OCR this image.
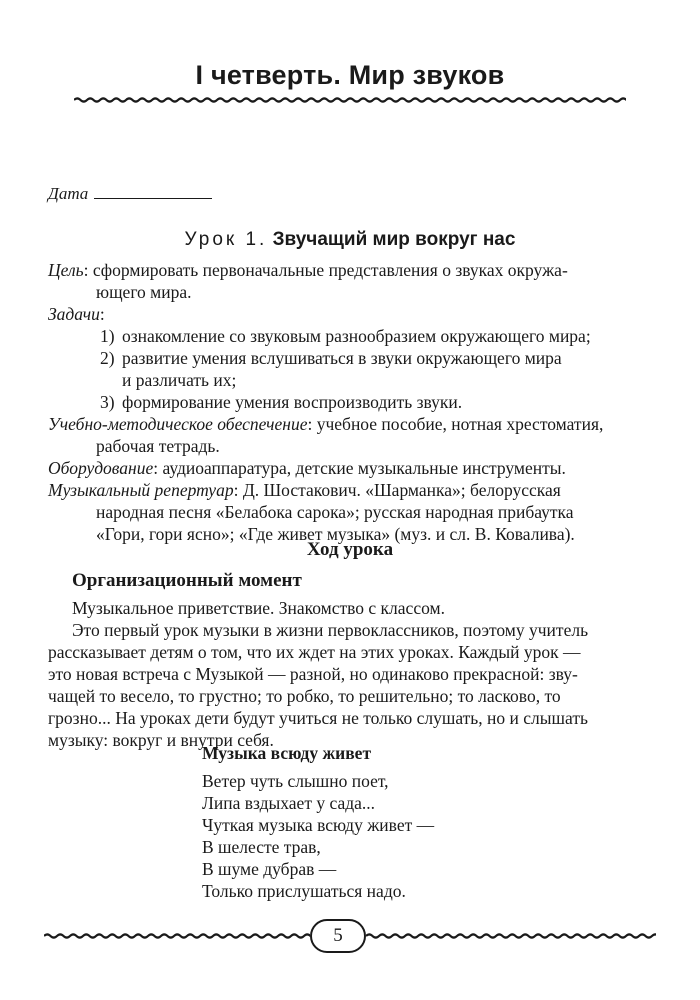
I четверть. Мир звуков
Дата
Урок 1. Звучащий мир вокруг нас
Цель: сформировать первоначальные представления о звуках окружа-
ющего мира.
Задачи:
1) ознакомление со звуковым разнообразием окружающего мира;
2) развитие умения вслушиваться в звуки окружающего мира
и различать их;
3) формирование умения воспроизводить звуки.
Учебно-методическое обеспечение: учебное пособие, нотная хрестоматия,
рабочая тетрадь.
Оборудование: аудиоаппаратура, детские музыкальные инструменты.
Музыкальный репертуар: Д. Шостакович. «Шарманка»; белорусская
народная песня «Белабока сарока»; русская народная прибаутка
«Гори, гори ясно»; «Где живет музыка» (муз. и сл. В. Ковалива).
Ход урока
Организационный момент
Музыкальное приветствие. Знакомство с классом.
Это первый урок музыки в жизни первоклассников, поэтому учитель
рассказывает детям о том, что их ждет на этих уроках. Каждый урок —
это новая встреча с Музыкой — разной, но одинаково прекрасной: зву-
чащей то весело, то грустно; то робко, то решительно; то ласково, то
грозно... На уроках дети будут учиться не только слушать, но и слышать
музыку: вокруг и внутри себя.
Музыка всюду живет
Ветер чуть слышно поет,
Липа вздыхает у сада...
Чуткая музыка всюду живет —
В шелесте трав,
В шуме дубрав —
Только прислушаться надо.
5
